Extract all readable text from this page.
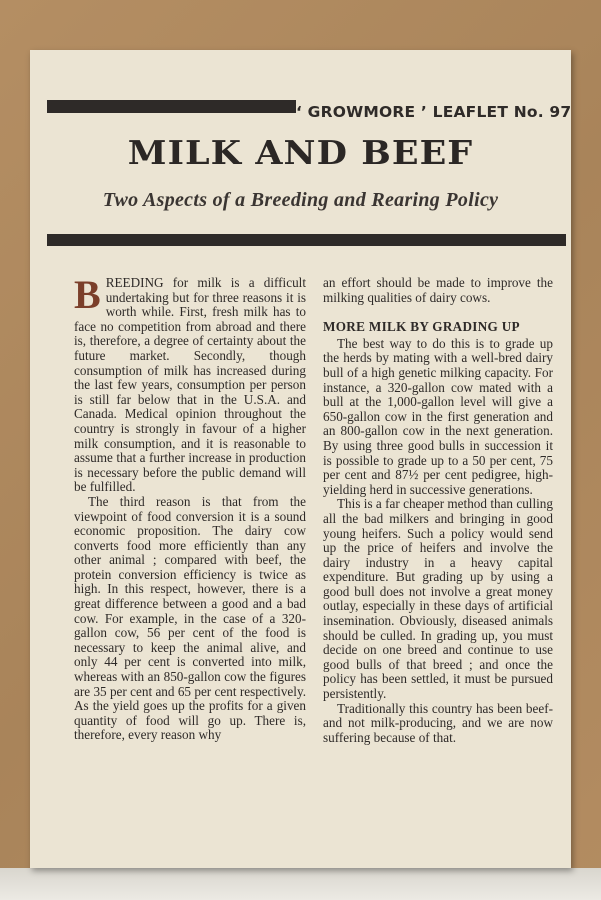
‘ GROWMORE ’ LEAFLET No. 97
MILK AND BEEF
Two Aspects of a Breeding and Rearing Policy

BREEDING for milk is a difficult undertaking but for three reasons it is worth while. First, fresh milk has to face no competition from abroad and there is, therefore, a degree of certainty about the future market. Secondly, though consumption of milk has increased during the last few years, consumption per person is still far below that in the U.S.A. and Canada. Medical opinion throughout the country is strongly in favour of a higher milk consumption, and it is reasonable to assume that a further increase in production is necessary before the public demand will be fulfilled.

The third reason is that from the viewpoint of food conversion it is a sound economic proposition. The dairy cow converts food more efficiently than any other animal ; compared with beef, the protein conversion efficiency is twice as high. In this respect, however, there is a great difference between a good and a bad cow. For example, in the case of a 320-gallon cow, 56 per cent of the food is necessary to keep the animal alive, and only 44 per cent is converted into milk, whereas with an 850-gallon cow the figures are 35 per cent and 65 per cent respectively. As the yield goes up the profits for a given quantity of food will go up. There is, therefore, every reason why

an effort should be made to improve the milking qualities of dairy cows.

MORE MILK BY GRADING UP

The best way to do this is to grade up the herds by mating with a well-bred dairy bull of a high genetic milking capacity. For instance, a 320-gallon cow mated with a bull at the 1,000-gallon level will give a 650-gallon cow in the first generation and an 800-gallon cow in the next generation. By using three good bulls in succession it is possible to grade up to a 50 per cent, 75 per cent and 87½ per cent pedigree, high-yielding herd in successive generations.

This is a far cheaper method than culling all the bad milkers and bringing in good young heifers. Such a policy would send up the price of heifers and involve the dairy industry in a heavy capital expenditure. But grading up by using a good bull does not involve a great money outlay, especially in these days of artificial insemination. Obviously, diseased animals should be culled. In grading up, you must decide on one breed and continue to use good bulls of that breed ; and once the policy has been settled, it must be pursued persistently.

Traditionally this country has been beef- and not milk-producing, and we are now suffering because of that.
